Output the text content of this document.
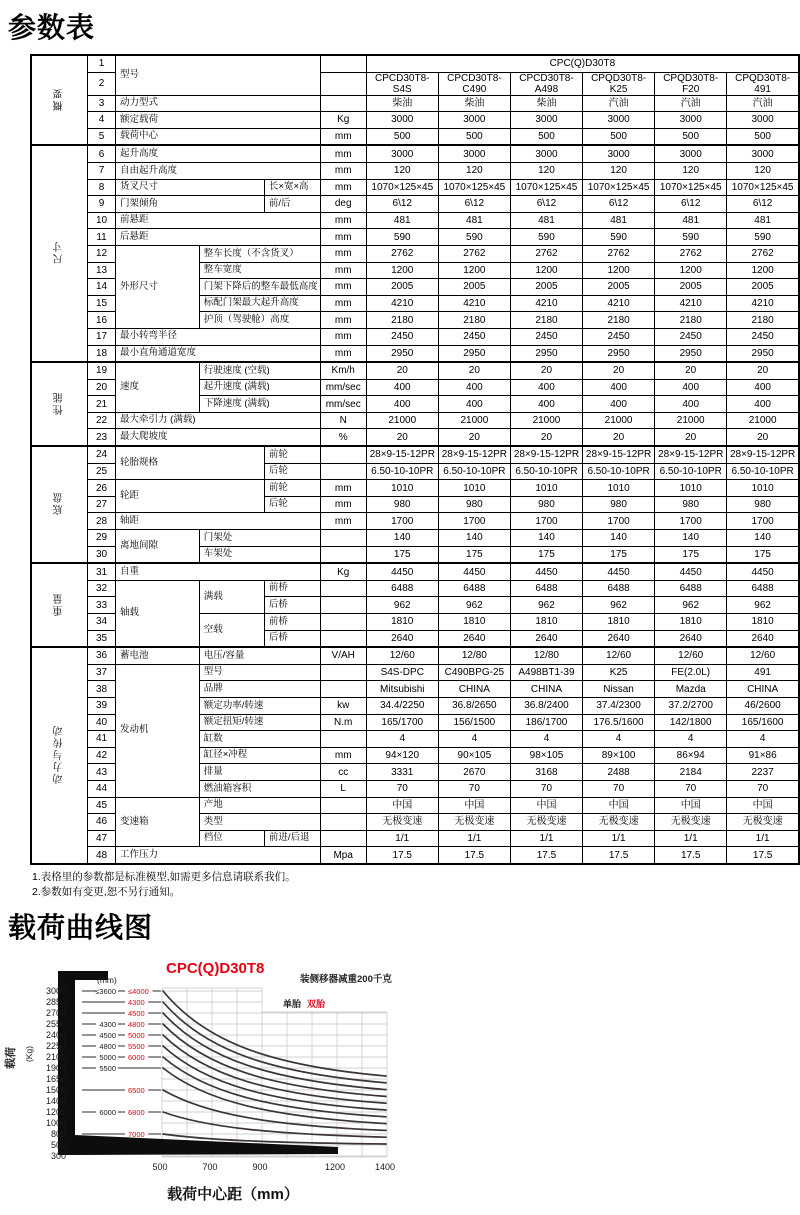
参数表
概要	1	型号				CPC(Q)D30T8					
	2					CPCD30T8-S4S	CPCD30T8-C490	CPCD30T8-A498	CPQD30T8-K25	CPQD30T8-F20	CPQD30T8-491
	3	动力型式				柴油	柴油	柴油	汽油	汽油	汽油
	4	额定载荷			Kg	3000	3000	3000	3000	3000	3000
	5	载荷中心			mm	500	500	500	500	500	500
尺寸	6	起升高度			mm	3000	3000	3000	3000	3000	3000
	7	自由起升高度			mm	120	120	120	120	120	120
	8	货叉尺寸		长×宽×高	mm	1070×125×45	1070×125×45	1070×125×45	1070×125×45	1070×125×45	1070×125×45
	9	门架倾角		前/后	deg	6\12	6\12	6\12	6\12	6\12	6\12
	10	前悬距			mm	481	481	481	481	481	481
	11	后悬距			mm	590	590	590	590	590	590
	12	外形尺寸	整车长度（不含货叉）		mm	2762	2762	2762	2762	2762	2762
	13		整车宽度		mm	1200	1200	1200	1200	1200	1200
	14		门架下降后的整车最低高度		mm	2005	2005	2005	2005	2005	2005
	15		标配门架最大起升高度		mm	4210	4210	4210	4210	4210	4210
	16		护顶（驾驶舱）高度		mm	2180	2180	2180	2180	2180	2180
	17	最小转弯半径			mm	2450	2450	2450	2450	2450	2450
	18	最小直角通道宽度			mm	2950	2950	2950	2950	2950	2950
性能	19	速度	行驶速度 (空载)		Km/h	20	20	20	20	20	20
	20		起升速度 (满载)		mm/sec	400	400	400	400	400	400
	21		下降速度 (满载)		mm/sec	400	400	400	400	400	400
	22	最大牵引力 (满载)			N	21000	21000	21000	21000	21000	21000
	23	最大爬坡度			%	20	20	20	20	20	20
底盘	24	轮胎规格		前轮		28×9-15-12PR	28×9-15-12PR	28×9-15-12PR	28×9-15-12PR	28×9-15-12PR	28×9-15-12PR
	25			后轮		6.50-10-10PR	6.50-10-10PR	6.50-10-10PR	6.50-10-10PR	6.50-10-10PR	6.50-10-10PR
	26	轮距		前轮	mm	1010	1010	1010	1010	1010	1010
	27			后轮	mm	980	980	980	980	980	980
	28	轴距			mm	1700	1700	1700	1700	1700	1700
	29	离地间隙	门架处			140	140	140	140	140	140
	30		车架处			175	175	175	175	175	175
重量	31	自重			Kg	4450	4450	4450	4450	4450	4450
	32	轴载	满载	前桥		6488	6488	6488	6488	6488	6488
	33			后桥		962	962	962	962	962	962
	34		空载	前桥		1810	1810	1810	1810	1810	1810
	35			后桥		2640	2640	2640	2640	2640	2640
动力与传动	36	蓄电池	电压/容量		V/AH	12/60	12/80	12/80	12/60	12/60	12/60
	37	发动机	型号			S4S-DPC	C490BPG-25	A498BT1-39	K25	FE(2.0L)	491
	38		品牌			Mitsubishi	CHINA	CHINA	Nissan	Mazda	CHINA
	39		额定功率/转速		kw	34.4/2250	36.8/2650	36.8/2400	37.4/2300	37.2/2700	46/2600
	40		额定扭矩/转速		N.m	165/1700	156/1500	186/1700	176.5/1600	142/1800	165/1600
	41		缸数			4	4	4	4	4	4
	42		缸径×冲程		mm	94×120	90×105	98×105	89×100	86×94	91×86
	43		排量		cc	3331	2670	3168	2488	2184	2237
	44		燃油箱容积		L	70	70	70	70	70	70
	45	变速箱	产地			中国	中国	中国	中国	中国	中国
	46		类型			无极变速	无极变速	无极变速	无极变速	无极变速	无极变速
	47		档位	前进/后退		1/1	1/1	1/1	1/1	1/1	1/1
	48	工作压力			Mpa	17.5	17.5	17.5	17.5	17.5	17.5
1.表格里的参数都是标准模型,如需更多信息请联系我们。
2.参数如有变更,恕不另行通知。
载荷曲线图
3000
2850
2700
2550
2400
2250
2100
1900
1650
1500
1400
1200
1000
800
500
300
(mm)
(Kg)
载荷
≤3600 ≤4000
4300
4500
4300 4800
4500 5000
4800 5500
5000 6000
5500
6500
6000 6800
7000
单胎 双胎
CPC(Q)D30T8
装侧移器减重200千克
500	700	900	1200	1400
载荷中心距（mm）
